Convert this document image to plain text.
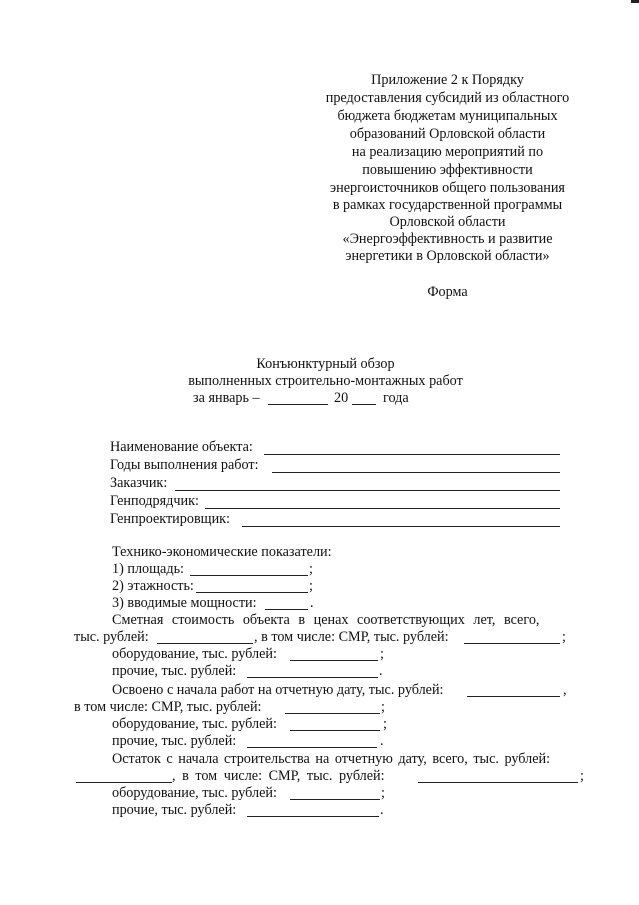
Приложение 2 к Порядку
предоставления субсидий из областного
бюджета бюджетам муниципальных
образований Орловской области
на реализацию мероприятий по
повышению эффективности
энергоисточников общего пользования
в рамках государственной программы
Орловской области
«Энергоэффективность и развитие
энергетики в Орловской области»
Форма
Конъюнктурный обзор
выполненных строительно-монтажных работ
за январь –	20 года
Наименование объекта:
Годы выполнения работ:
Заказчик:
Генподрядчик:
Генпроектировщик:
Технико-экономические показатели:
1) площадь:	;
2) этажность:	;
3) вводимые мощности:	.
Сметная стоимость объекта в ценах соответствующих лет, всего,
тыс. рублей:	, в том числе: СМР, тыс. рублей:	;
оборудование, тыс. рублей:	;
прочие, тыс. рублей:	.
Освоено с начала работ на отчетную дату, тыс. рублей:	,
в том числе: СМР, тыс. рублей:	;
оборудование, тыс. рублей:	;
прочие, тыс. рублей:	.
Остаток с начала строительства на отчетную дату, всего, тыс. рублей:
, в том числе: СМР, тыс. рублей:	;
оборудование, тыс. рублей:	;
прочие, тыс. рублей:	.
